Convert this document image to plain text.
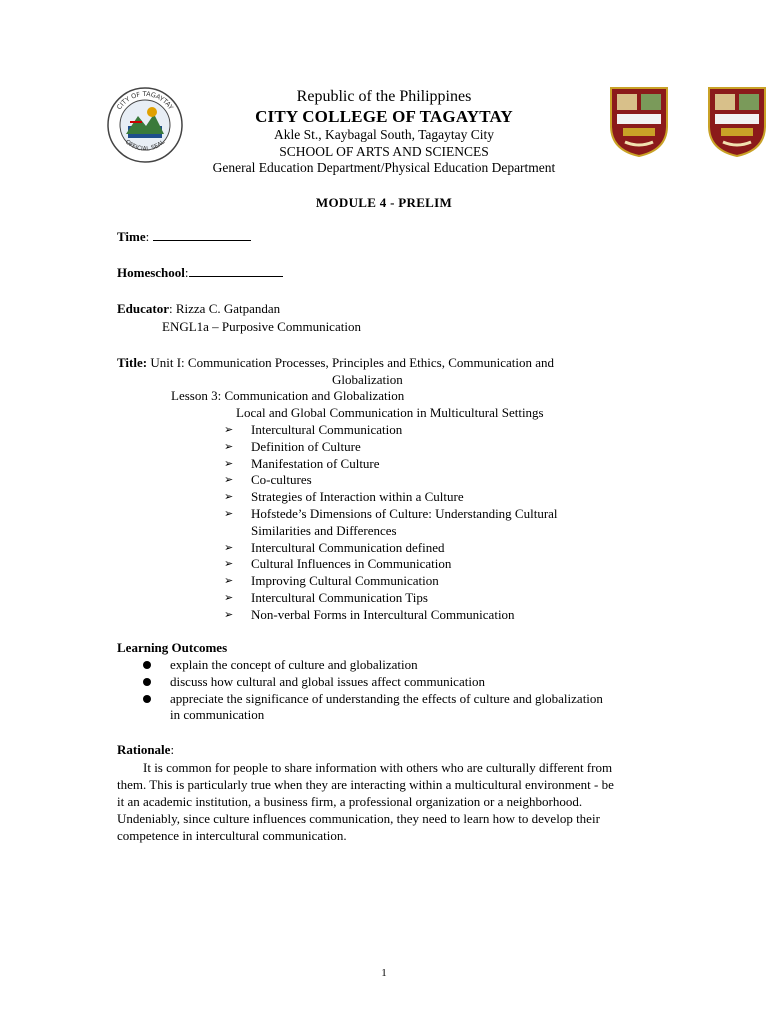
CITY OF TAGAYTAY
OFFICIAL SEAL
Republic of the Philippines
CITY COLLEGE OF TAGAYTAY
Akle St., Kaybagal South, Tagaytay City
SCHOOL OF ARTS AND SCIENCES
General Education Department/Physical Education Department
MODULE 4 - PRELIM
Time:
Homeschool:
Educator: Rizza C. Gatpandan
ENGL1a – Purposive Communication
Title: Unit I: Communication Processes, Principles and Ethics, Communication and
Globalization
Lesson 3: Communication and Globalization
Local and Global Communication in Multicultural Settings
➢ Intercultural Communication
➢ Definition of Culture
➢ Manifestation of Culture
➢ Co-cultures
➢ Strategies of Interaction within a Culture
➢ Hofstede’s Dimensions of Culture: Understanding Cultural
Similarities and Differences
➢ Intercultural Communication defined
➢ Cultural Influences in Communication
➢ Improving Cultural Communication
➢ Intercultural Communication Tips
➢ Non-verbal Forms in Intercultural Communication
Learning Outcomes
explain the concept of culture and globalization
discuss how cultural and global issues affect communication
appreciate the significance of understanding the effects of culture and globalization in communication
Rationale:
It is common for people to share information with others who are culturally different from them. This is particularly true when they are interacting within a multicultural environment - be it an academic institution, a business firm, a professional organization or a neighborhood. Undeniably, since culture influences communication, they need to learn how to develop their competence in intercultural communication.
1
